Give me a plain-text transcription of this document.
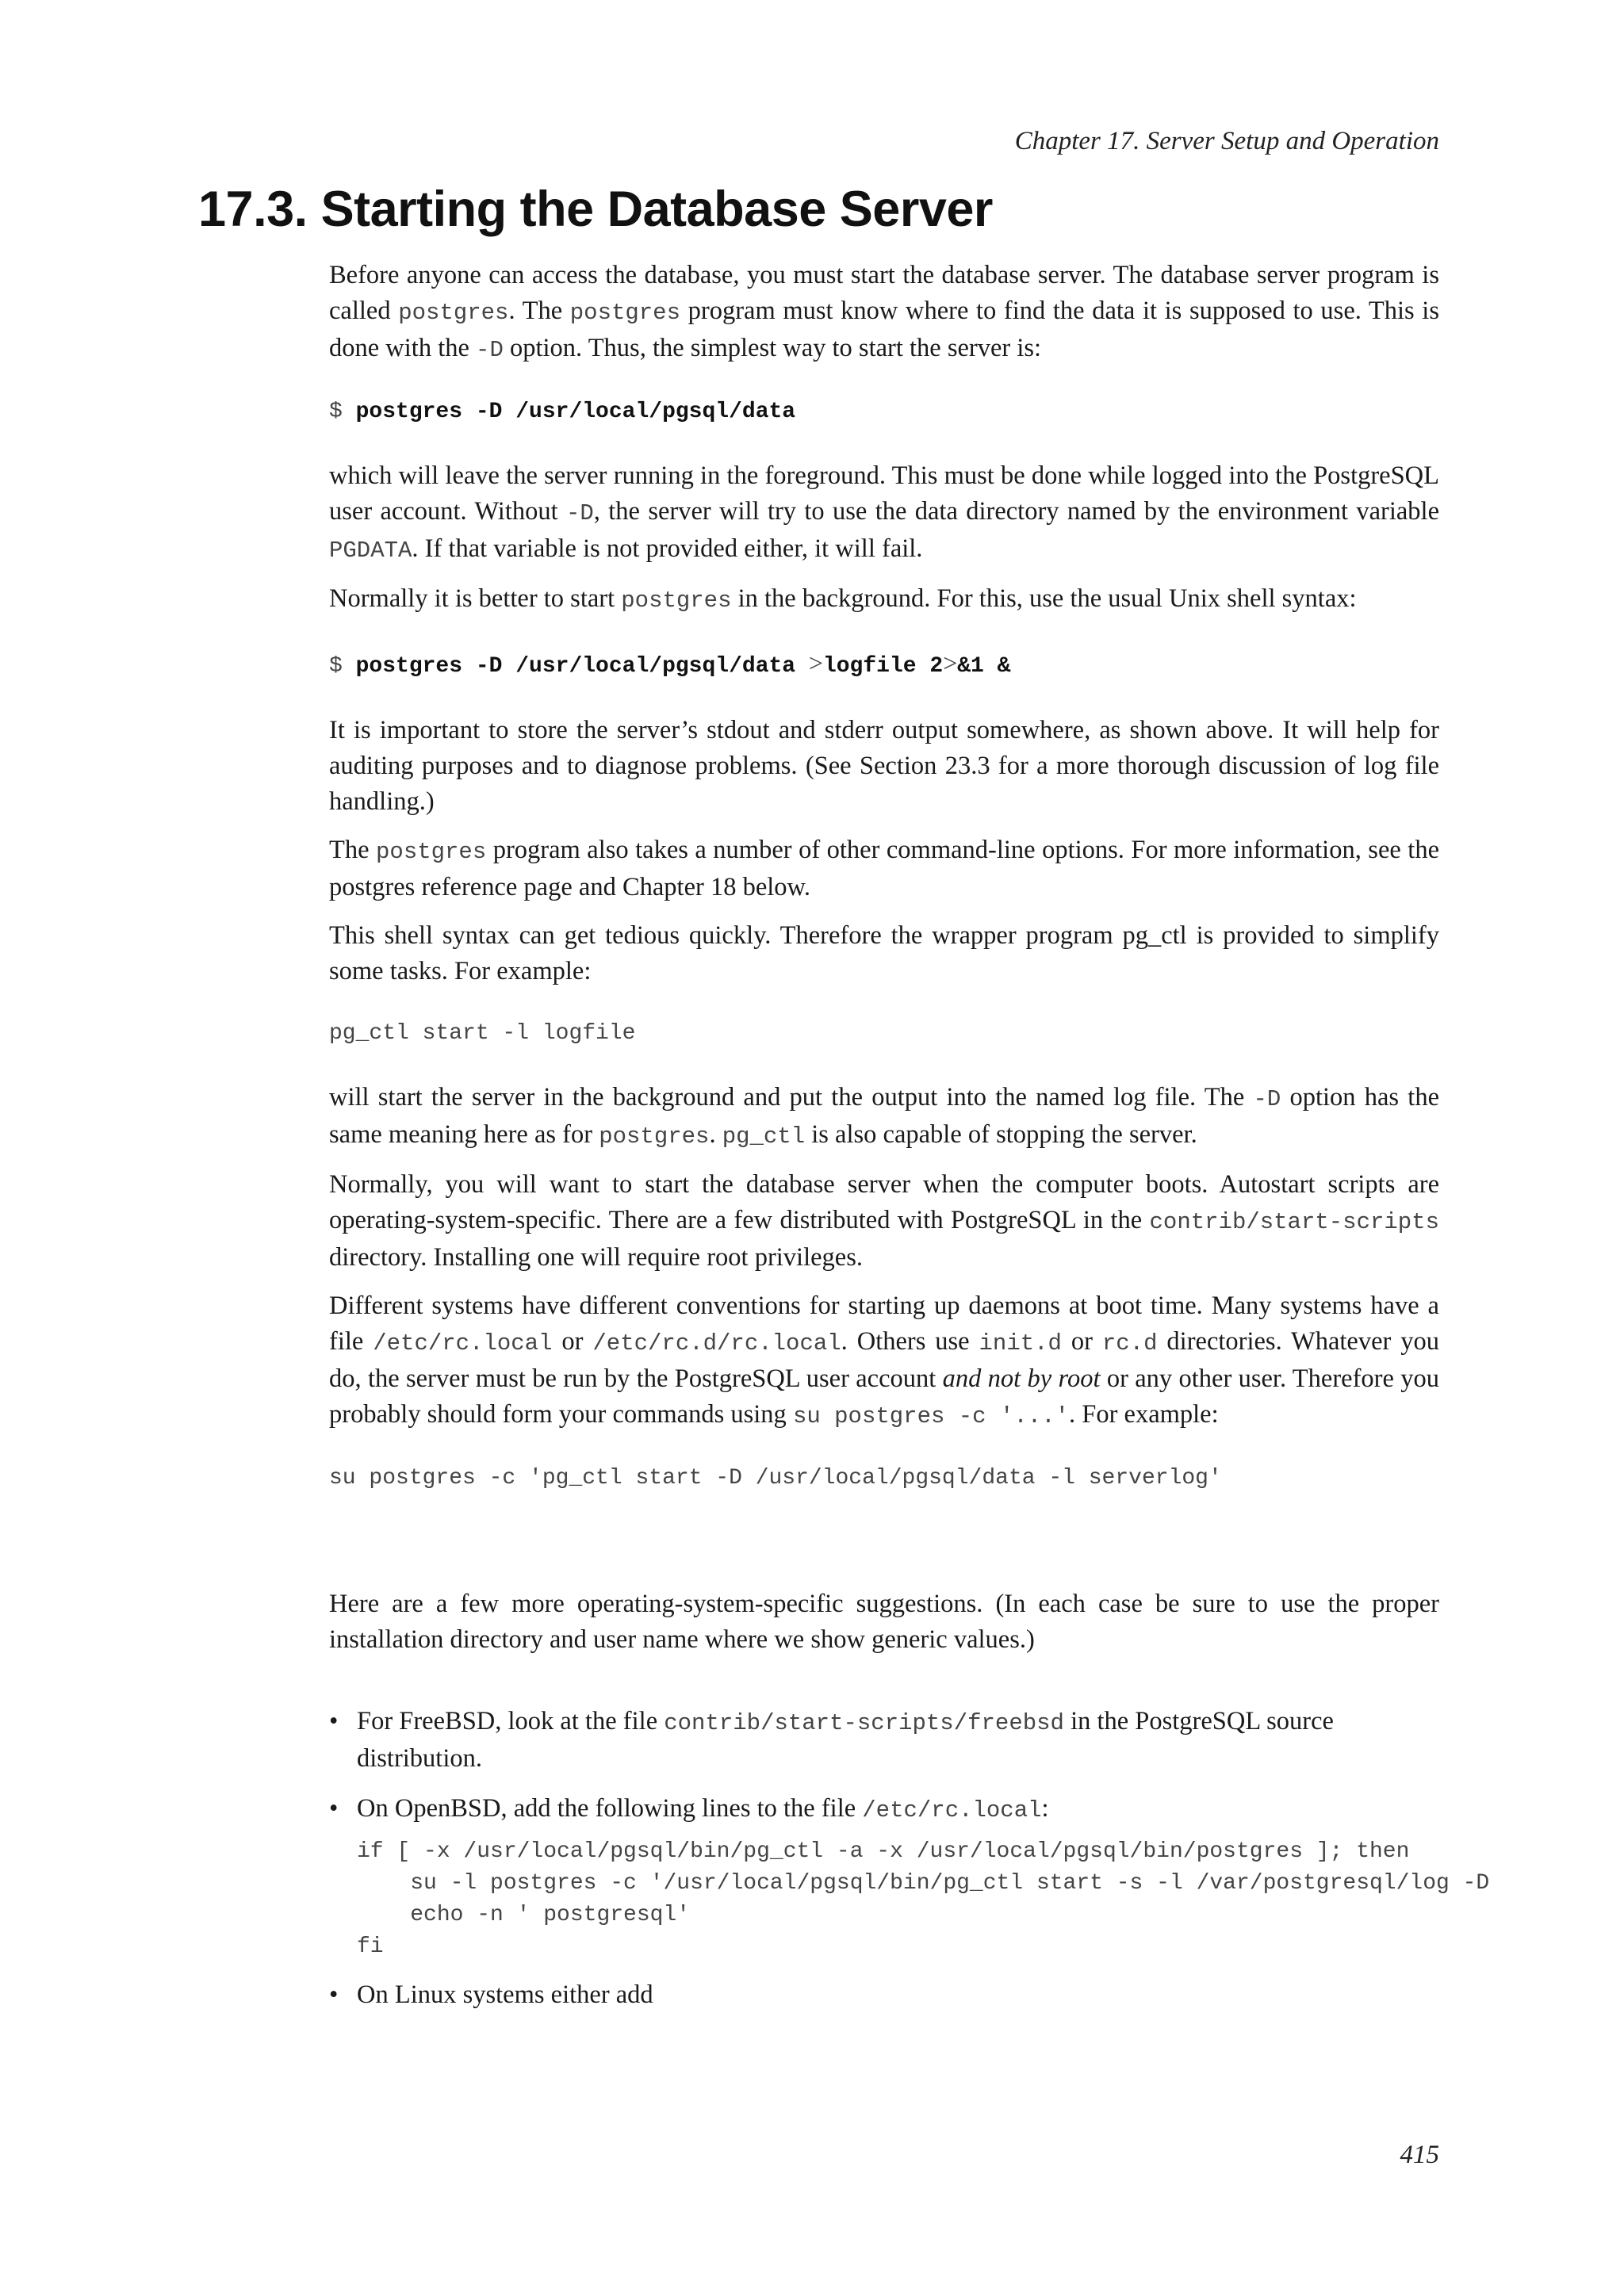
Chapter 17. Server Setup and Operation
17.3. Starting the Database Server

Before anyone can access the database, you must start the database server. The database server program is called postgres. The postgres program must know where to find the data it is supposed to use. This is done with the -D option. Thus, the simplest way to start the server is:

$ postgres -D /usr/local/pgsql/data

which will leave the server running in the foreground. This must be done while logged into the PostgreSQL user account. Without -D, the server will try to use the data directory named by the environment variable PGDATA. If that variable is not provided either, it will fail.

Normally it is better to start postgres in the background. For this, use the usual Unix shell syntax:

$ postgres -D /usr/local/pgsql/data >logfile 2>&1 &

It is important to store the server’s stdout and stderr output somewhere, as shown above. It will help for auditing purposes and to diagnose problems. (See Section 23.3 for a more thorough discussion of log file handling.)

The postgres program also takes a number of other command-line options. For more information, see the postgres reference page and Chapter 18 below.

This shell syntax can get tedious quickly. Therefore the wrapper program pg_ctl is provided to simplify some tasks. For example:

pg_ctl start -l logfile

will start the server in the background and put the output into the named log file. The -D option has the same meaning here as for postgres. pg_ctl is also capable of stopping the server.

Normally, you will want to start the database server when the computer boots. Autostart scripts are operating-system-specific. There are a few distributed with PostgreSQL in the contrib/start-scripts directory. Installing one will require root privileges.

Different systems have different conventions for starting up daemons at boot time. Many systems have a file /etc/rc.local or /etc/rc.d/rc.local. Others use init.d or rc.d directories. Whatever you do, the server must be run by the PostgreSQL user account and not by root or any other user. Therefore you probably should form your commands using su postgres -c '...'. For example:

su postgres -c 'pg_ctl start -D /usr/local/pgsql/data -l serverlog'

Here are a few more operating-system-specific suggestions. (In each case be sure to use the proper installation directory and user name where we show generic values.)

• For FreeBSD, look at the file contrib/start-scripts/freebsd in the PostgreSQL source distribution.
• On OpenBSD, add the following lines to the file /etc/rc.local:
if [ -x /usr/local/pgsql/bin/pg_ctl -a -x /usr/local/pgsql/bin/postgres ]; then
su -l postgres -c '/usr/local/pgsql/bin/pg_ctl start -s -l /var/postgresql/log -D
echo -n ' postgresql'
fi
• On Linux systems either add
415
